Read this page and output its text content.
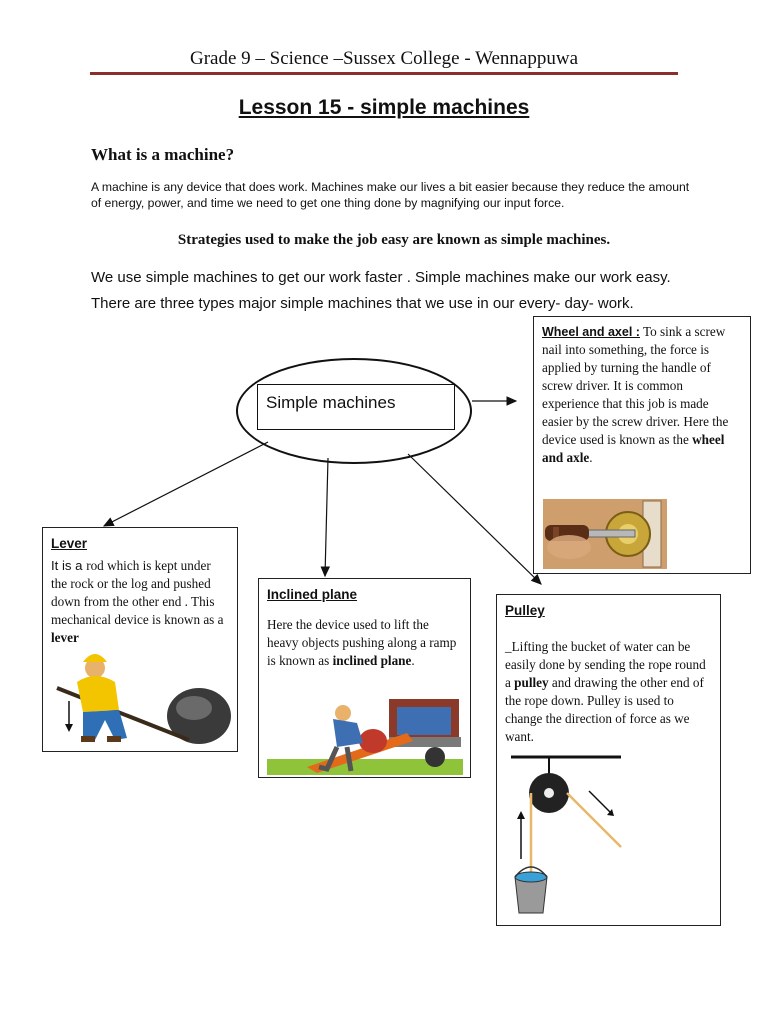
Grade 9 – Science –Sussex College - Wennappuwa
Lesson 15 - simple machines
What is a machine?
A machine is any device that does work. Machines make our lives a bit easier because they reduce the amount of energy, power, and time we need to get one thing done by magnifying our input force.
Strategies used to make the job easy are known as simple machines.
We use simple machines to get our work faster . Simple machines make our work easy. There are three types major simple machines that we use in our every- day- work.
Simple machines
Wheel and axel : To sink a screw nail into something, the force is applied by turning the handle of screw driver. It is common experience that this job is made easier by the screw driver. Here the device used is known as the wheel and axle.
Lever
It is a rod which is kept under the rock or the log and pushed down from the other end . This mechanical device is known as a lever
Inclined plane
Here the device used to lift the heavy objects pushing along a ramp is known as inclined plane.
Pulley
_Lifting the bucket of water can be easily done by sending the rope round a pulley and drawing the other end of the rope down. Pulley is used to change the direction of force as we want.
